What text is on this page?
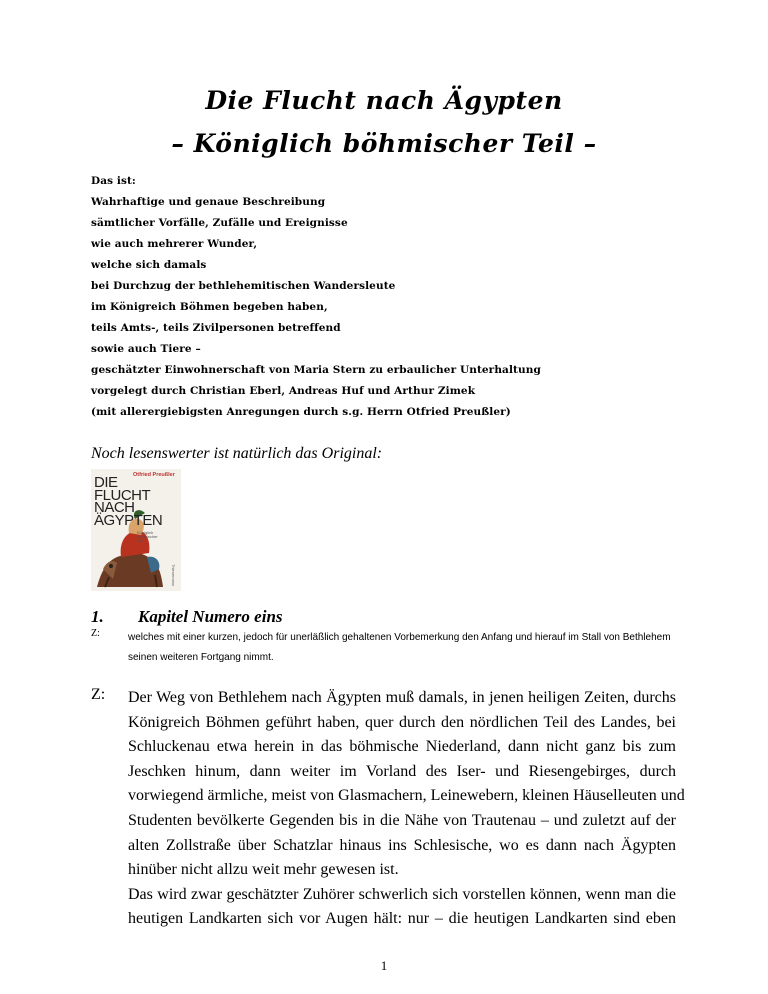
Die Flucht nach Ägypten
– Königlich böhmischer Teil –
Das ist:
Wahrhaftige und genaue Beschreibung
sämtlicher Vorfälle, Zufälle und Ereignisse
wie auch mehrerer Wunder,
welche sich damals
bei Durchzug der bethlehemitischen Wandersleute
im Königreich Böhmen begeben haben,
teils Amts-, teils Zivilpersonen betreffend
sowie auch Tiere –
geschätzter Einwohnerschaft von Maria Stern zu erbaulicher Unterhaltung
vorgelegt durch Christian Eberl, Andreas Huf und Arthur Zimek
(mit allerergiebigsten Anregungen durch s.g. Herrn Otfried Preußler)
Noch lesenswerter ist natürlich das Original:
Otfried Preußler
DIE
FLUCHT
NACH
ÄGYPTEN
Königlich böhmischer Teil
Thienemann
1. Kapitel Numero eins
Z:	welches mit einer kurzen, jedoch für unerläßlich gehaltenen Vorbemerkung den Anfang und hierauf im Stall von Bethlehem seinen weiteren Fortgang nimmt.
Z: Der Weg von Bethlehem nach Ägypten muß damals, in jenen heiligen Zeiten, durchs
Königreich Böhmen geführt haben, quer durch den nördlichen Teil des Landes, bei
Schluckenau etwa herein in das böhmische Niederland, dann nicht ganz bis zum
Jeschken hinum, dann weiter im Vorland des Iser- und Riesengebirges, durch
vorwiegend ärmliche, meist von Glasmachern, Leinewebern, kleinen Häuselleuten und
Studenten bevölkerte Gegenden bis in die Nähe von Trautenau – und zuletzt auf der
alten Zollstraße über Schatzlar hinaus ins Schlesische, wo es dann nach Ägypten
hinüber nicht allzu weit mehr gewesen ist.
Das wird zwar geschätzter Zuhörer schwerlich sich vorstellen können, wenn man die
heutigen Landkarten sich vor Augen hält: nur – die heutigen Landkarten sind eben
1
